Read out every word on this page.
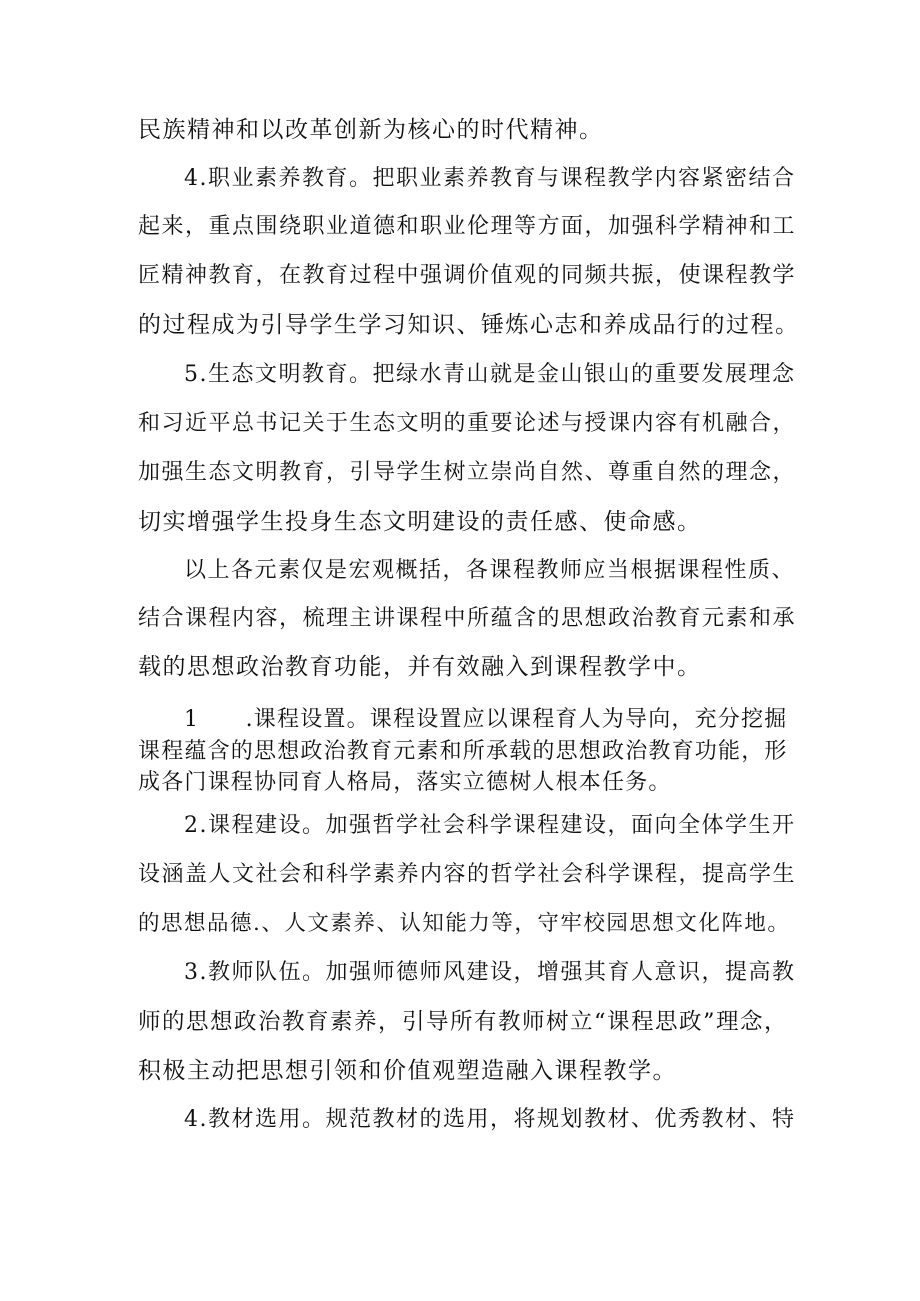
民族精神和以改革创新为核心的时代精神。
4.职业素养教育。把职业素养教育与课程教学内容紧密结合
起来，重点围绕职业道德和职业伦理等方面，加强科学精神和工
匠精神教育，在教育过程中强调价值观的同频共振，使课程教学
的过程成为引导学生学习知识、锤炼心志和养成品行的过程。
5.生态文明教育。把绿水青山就是金山银山的重要发展理念
和习近平总书记关于生态文明的重要论述与授课内容有机融合，
加强生态文明教育，引导学生树立崇尚自然、尊重自然的理念，
切实增强学生投身生态文明建设的责任感、使命感。
以上各元素仅是宏观概括，各课程教师应当根据课程性质、
结合课程内容，梳理主讲课程中所蕴含的思想政治教育元素和承
载的思想政治教育功能，并有效融入到课程教学中。
1　　.课程设置。课程设置应以课程育人为导向，充分挖掘
课程蕴含的思想政治教育元素和所承载的思想政治教育功能，形
成各门课程协同育人格局，落实立德树人根本任务。
2.课程建设。加强哲学社会科学课程建设，面向全体学生开
设涵盖人文社会和科学素养内容的哲学社会科学课程，提高学生
的思想品德.、人文素养、认知能力等，守牢校园思想文化阵地。
3.教师队伍。加强师德师风建设，增强其育人意识，提高教
师的思想政治教育素养，引导所有教师树立“课程思政”理念，
积极主动把思想引领和价值观塑造融入课程教学。
4.教材选用。规范教材的选用，将规划教材、优秀教材、特
